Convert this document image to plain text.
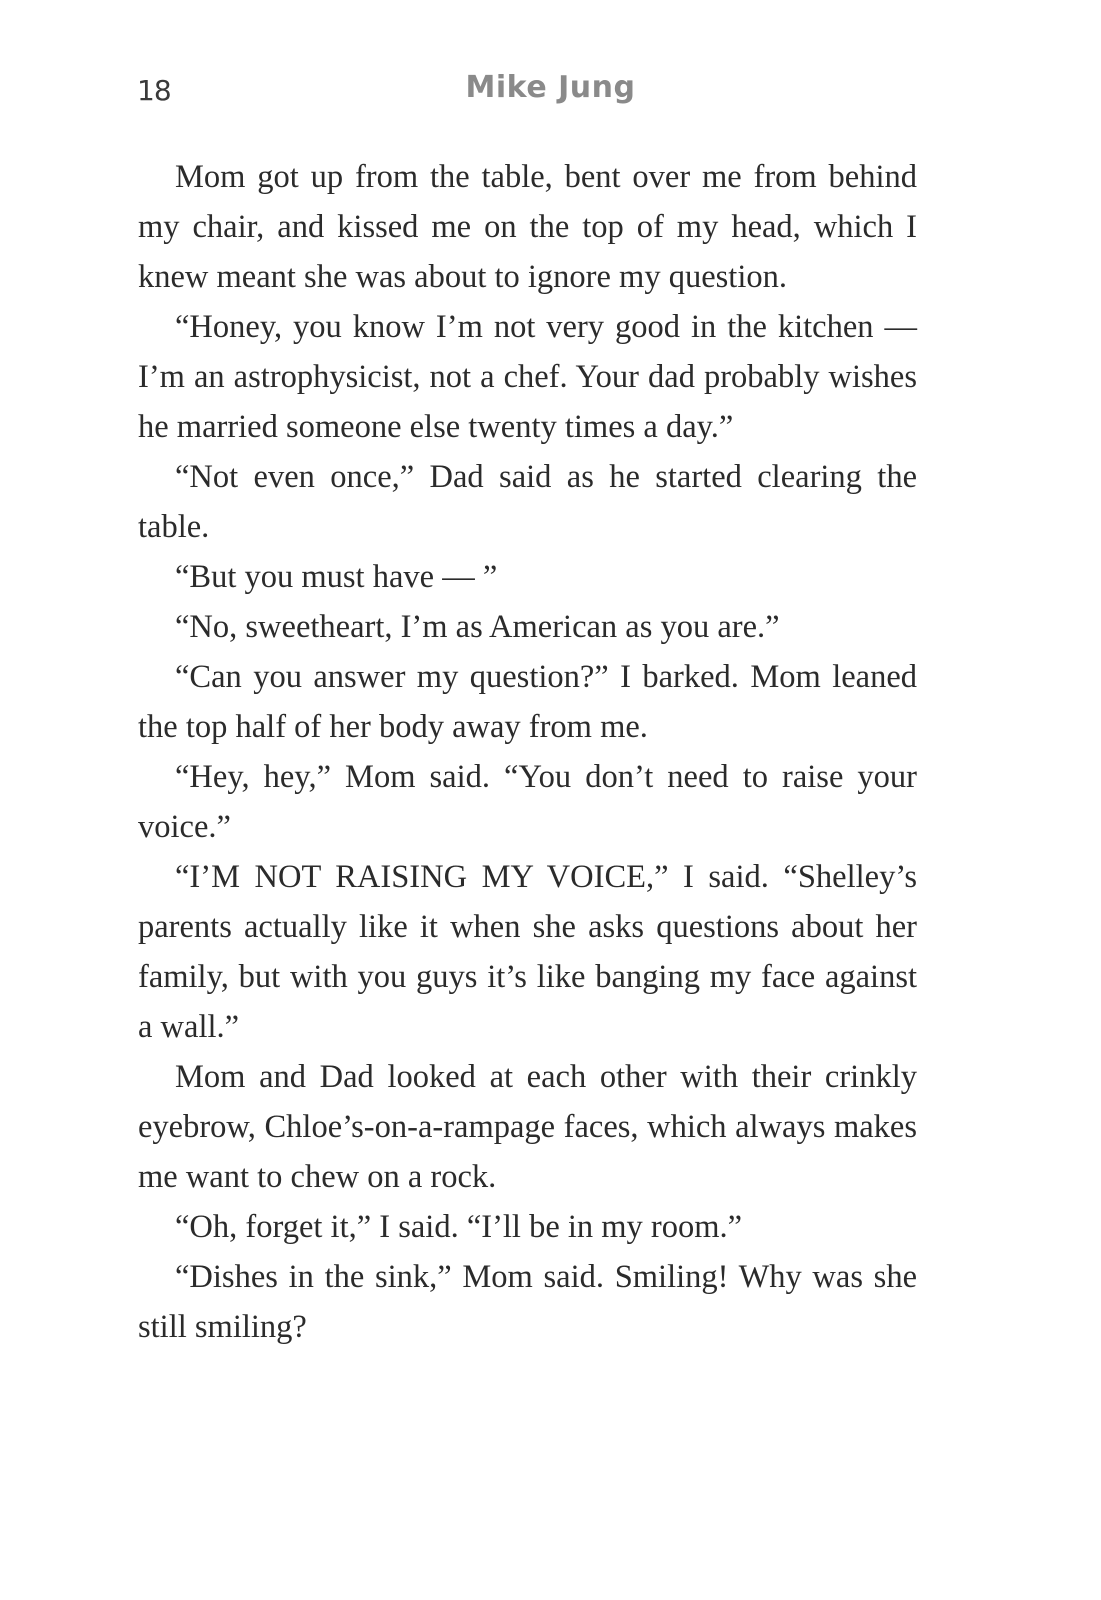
18	Mike Jung

Mom got up from the table, bent over me from behind my chair, and kissed me on the top of my head, which I knew meant she was about to ignore my question.

“Honey, you know I’m not very good in the kitchen — I’m an astrophysicist, not a chef. Your dad probably wishes he married someone else twenty times a day.”

“Not even once,” Dad said as he started clearing the table.

“But you must have — ”

“No, sweetheart, I’m as American as you are.”

“Can you answer my question?” I barked. Mom leaned the top half of her body away from me.

“Hey, hey,” Mom said. “You don’t need to raise your voice.”

“I’M NOT RAISING MY VOICE,” I said. “Shelley’s parents actually like it when she asks questions about her family, but with you guys it’s like banging my face against a wall.”

Mom and Dad looked at each other with their crinkly eyebrow, Chloe’s-on-a-rampage faces, which always makes me want to chew on a rock.

“Oh, forget it,” I said. “I’ll be in my room.”

“Dishes in the sink,” Mom said. Smiling! Why was she still smiling?
